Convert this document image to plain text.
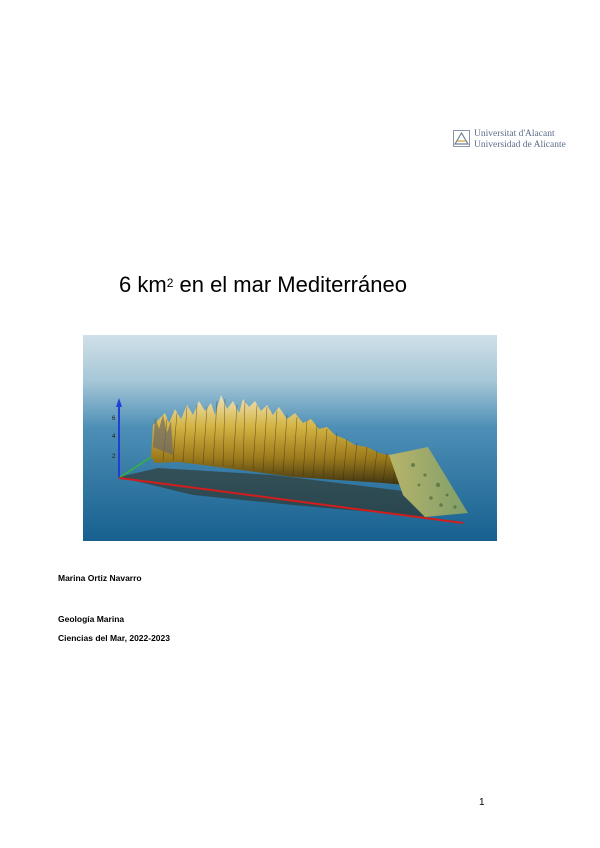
Universitat d'Alacant
Universidad de Alicante
6 $km^2$ en el mar Mediterráneo
6
4
2
Marina Ortiz Navarro
Geología Marina
Ciencias del Mar, 2022-2023
1
